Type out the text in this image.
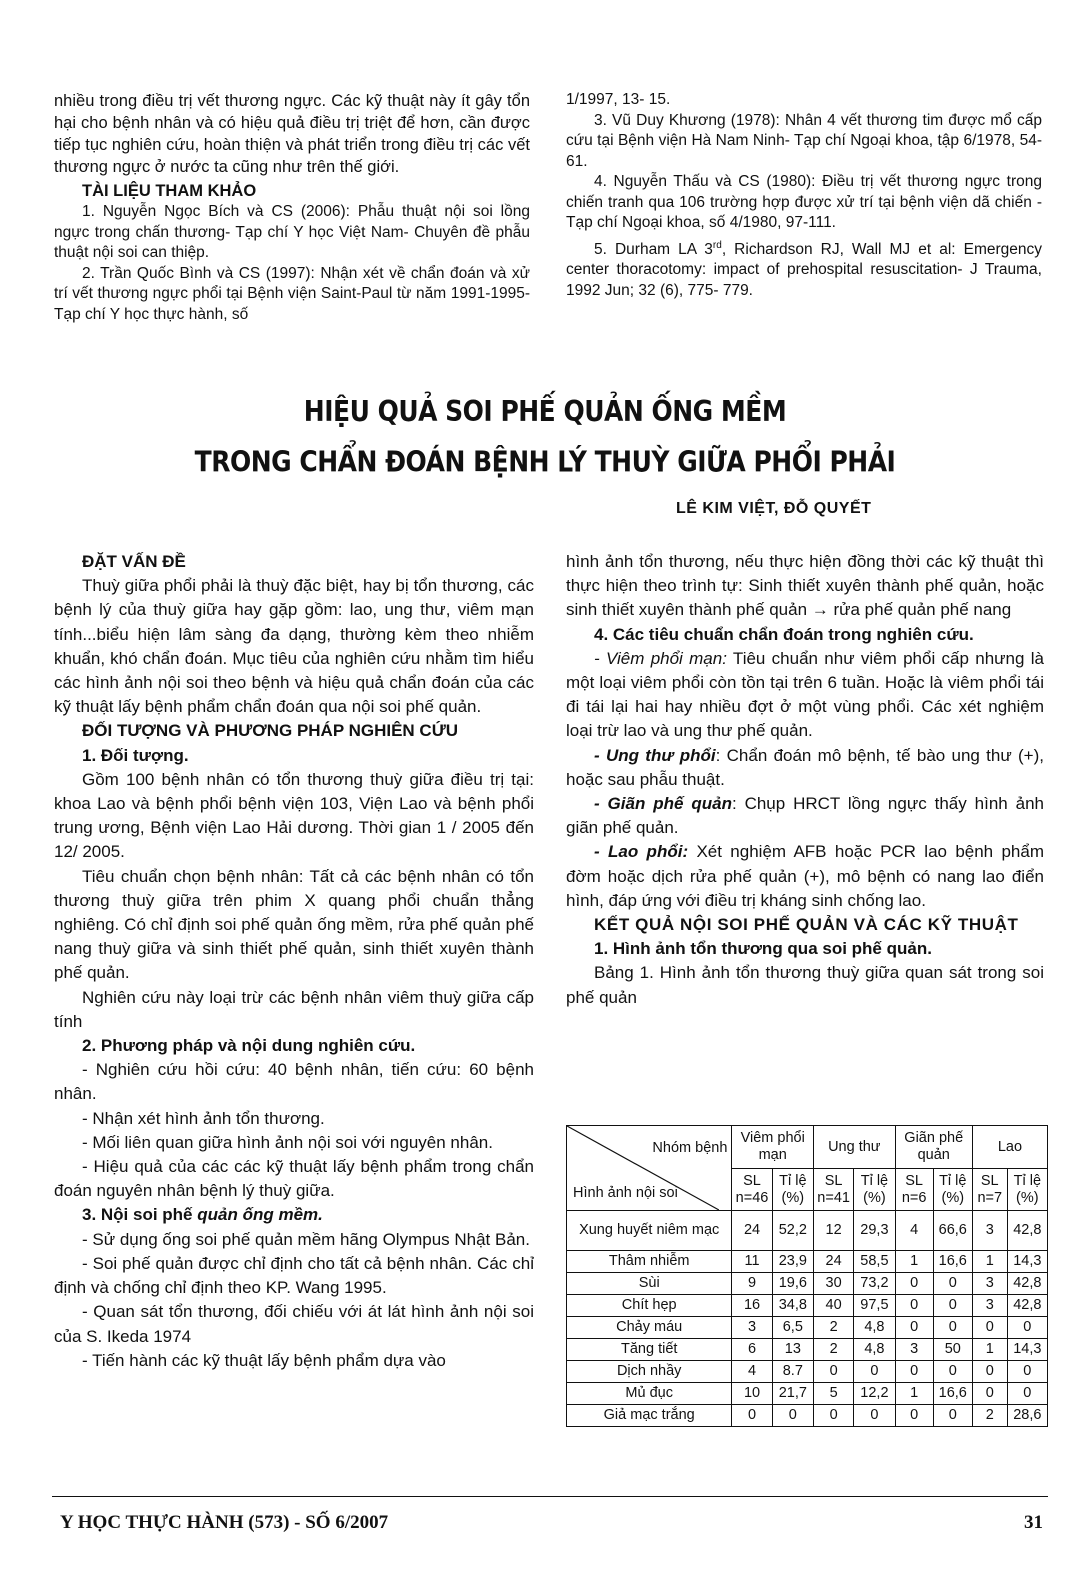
nhiều trong điều trị vết thương ngực. Các kỹ thuật này ít gây tổn hại cho bệnh nhân và có hiệu quả điều trị triệt để hơn, cần được tiếp tục nghiên cứu, hoàn thiện và phát triển trong điều trị các vết thương ngực ở nước ta cũng như trên thế giới.

TÀI LIỆU THAM KHẢO

1. Nguyễn Ngọc Bích và CS (2006): Phẫu thuật nội soi lồng ngực trong chấn thương- Tạp chí Y học Việt Nam- Chuyên đề phẫu thuật nội soi can thiệp.

2. Trần Quốc Bình và CS (1997): Nhận xét về chẩn đoán và xử trí vết thương ngực phổi tại Bệnh viện Saint-Paul từ năm 1991-1995- Tạp chí Y học thực hành, số

1/1997, 13- 15.

3. Vũ Duy Khương (1978): Nhân 4 vết thương tim được mổ cấp cứu tại Bệnh viện Hà Nam Ninh- Tạp chí Ngoại khoa, tập 6/1978, 54- 61.

4. Nguyễn Thấu và CS (1980): Điều trị vết thương ngực trong chiến tranh qua 106 trường hợp được xử trí tại bệnh viện dã chiến - Tạp chí Ngoại khoa, số 4/1980, 97-111.

5. Durham LA 3rd, Richardson RJ, Wall MJ et al: Emergency center thoracotomy: impact of prehospital resuscitation- J Trauma, 1992 Jun; 32 (6), 775- 779.

HIỆU QUẢ SOI PHẾ QUẢN ỐNG MỀM
TRONG CHẨN ĐOÁN BỆNH LÝ THUỲ GIỮA PHỔI PHẢI
LÊ KIM VIỆT, ĐỖ QUYẾT

ĐẶT VẤN ĐỀ

Thuỳ giữa phổi phải là thuỳ đặc biệt, hay bị tổn thương, các bệnh lý của thuỳ giữa hay gặp gồm: lao, ung thư, viêm mạn tính...biểu hiện lâm sàng đa dạng, thường kèm theo nhiễm khuẩn, khó chẩn đoán. Mục tiêu của nghiên cứu nhằm tìm hiểu các hình ảnh nội soi theo bệnh và hiệu quả chẩn đoán của các kỹ thuật lấy bệnh phẩm chẩn đoán qua nội soi phế quản.

ĐỐI TƯỢNG VÀ PHƯƠNG PHÁP NGHIÊN CỨU

1. Đối tượng.

Gồm 100 bệnh nhân có tổn thương thuỳ giữa điều trị tại: khoa Lao và bệnh phổi bệnh viện 103, Viện Lao và bệnh phổi trung ương, Bệnh viện Lao Hải dương. Thời gian 1 / 2005 đến 12/ 2005.

Tiêu chuẩn chọn bệnh nhân: Tất cả các bệnh nhân có tổn thương thuỳ giữa trên phim X quang phổi chuẩn thẳng nghiêng. Có chỉ định soi phế quản ống mềm, rửa phế quản phế nang thuỳ giữa và sinh thiết phế quản, sinh thiết xuyên thành phế quản.

Nghiên cứu này loại trừ các bệnh nhân viêm thuỳ giữa cấp tính

2. Phương pháp và nội dung nghiên cứu.

- Nghiên cứu hồi cứu: 40 bệnh nhân, tiến cứu: 60 bệnh nhân.

- Nhận xét hình ảnh tổn thương.

- Mối liên quan giữa hình ảnh nội soi với nguyên nhân.

- Hiệu quả của các các kỹ thuật lấy bệnh phẩm trong chẩn đoán nguyên nhân bệnh lý thuỳ giữa.

3. Nội soi phế quản ống mềm.

- Sử dụng ống soi phế quản mềm hãng Olympus Nhật Bản.

- Soi phế quản được chỉ định cho tất cả bệnh nhân. Các chỉ định và chống chỉ định theo KP. Wang 1995.

- Quan sát tổn thương, đối chiếu với át lát hình ảnh nội soi của S. Ikeda 1974

- Tiến hành các kỹ thuật lấy bệnh phẩm dựa vào

hình ảnh tổn thương, nếu thực hiện đồng thời các kỹ thuật thì thực hiện theo trình tự: Sinh thiết xuyên thành phế quản, hoặc sinh thiết xuyên thành phế quản → rửa phế quản phế nang

4. Các tiêu chuẩn chẩn đoán trong nghiên cứu.

- Viêm phổi mạn: Tiêu chuẩn như viêm phổi cấp nhưng là một loại viêm phổi còn tồn tại trên 6 tuần. Hoặc là viêm phổi tái đi tái lại hai hay nhiều đợt ở một vùng phổi. Các xét nghiệm loại trừ lao và ung thư phế quản.

- Ung thư phổi: Chẩn đoán mô bệnh, tế bào ung thư (+), hoặc sau phẫu thuật.

- Giãn phế quản: Chụp HRCT lồng ngực thấy hình ảnh giãn phế quản.

- Lao phổi: Xét nghiệm AFB hoặc PCR lao bệnh phẩm đờm hoặc dịch rửa phế quản (+), mô bệnh có nang lao điển hình, đáp ứng với điều trị kháng sinh chống lao.

KẾT QUẢ NỘI SOI PHẾ QUẢN VÀ CÁC KỸ THUẬT

1. Hình ảnh tổn thương qua soi phế quản.

Bảng 1. Hình ảnh tổn thương thuỳ giữa quan sát trong soi phế quản

Nhóm bệnh
Hình ảnh nội soi	Viêm phổi mạn		Ung thư		Giãn phế quản		Lao	
	SL n=46	Tỉ lệ (%)	SL n=41	Tỉ lệ (%)	SL n=6	Tỉ lệ (%)	SL n=7	Tỉ lệ (%)
Xung huyết niêm mạc	24	52,2	12	29,3	4	66,6	3	42,8
Thâm nhiễm	11	23,9	24	58,5	1	16,6	1	14,3
Sùi	9	19,6	30	73,2	0	0	3	42,8
Chít hẹp	16	34,8	40	97,5	0	0	3	42,8
Chảy máu	3	6,5	2	4,8	0	0	0	0
Tăng tiết	6	13	2	4,8	3	50	1	14,3
Dịch nhầy	4	8.7	0	0	0	0	0	0
Mủ đục	10	21,7	5	12,2	1	16,6	0	0
Giả mạc trắng	0	0	0	0	0	0	2	28,6
Y HỌC THỰC HÀNH (573) - SỐ 6/2007	31
